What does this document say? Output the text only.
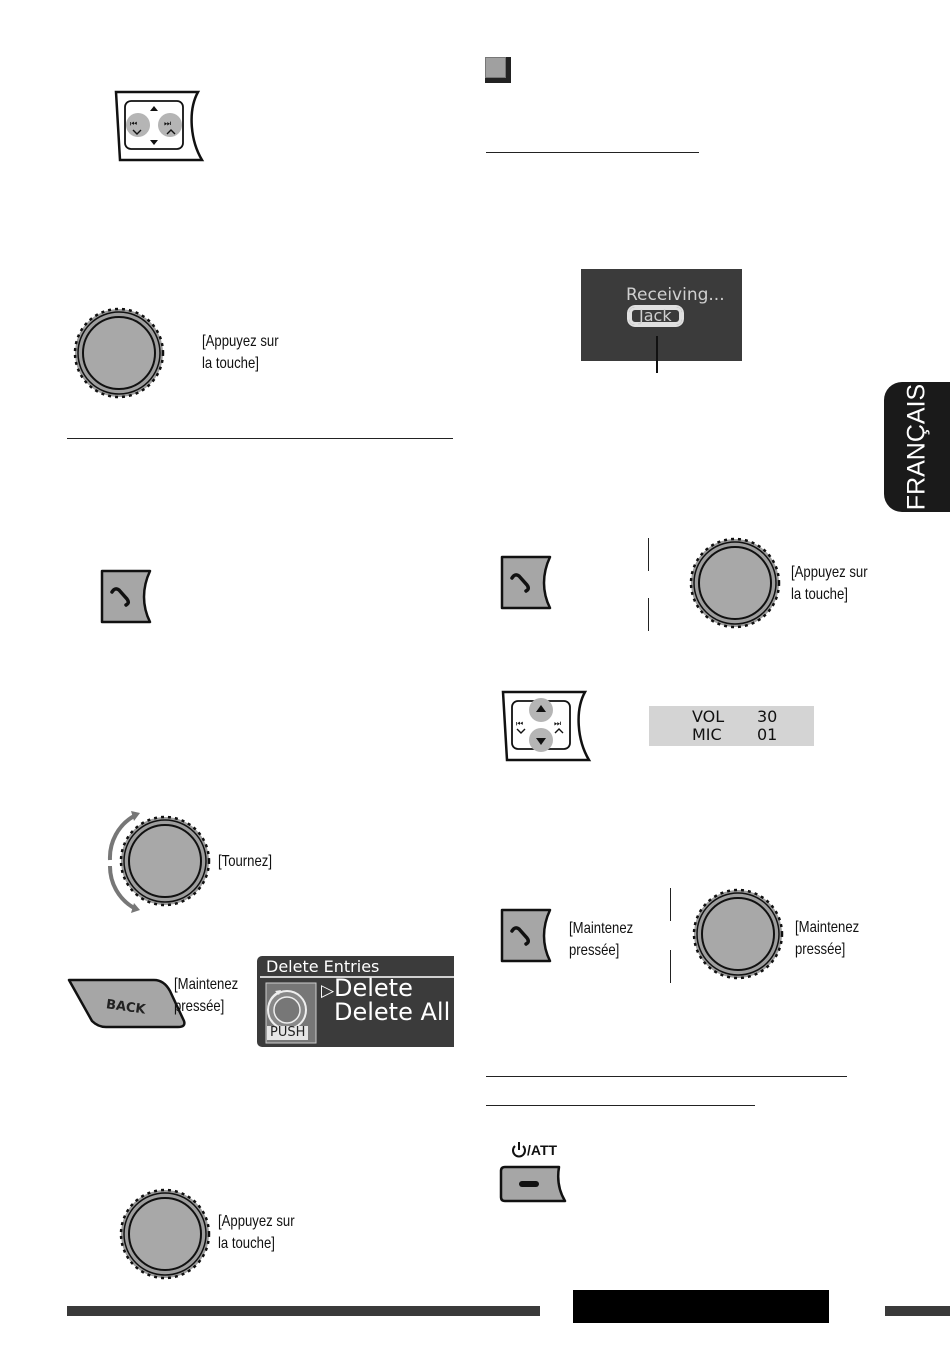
⏮	⏭
[Appuyez sur
la touche]
[Tournez]
BACK
[Maintenez
pressée]
Delete Entries
PUSH
▷ Delete
Delete All
[Appuyez sur
la touche]
Receiving...
Jack
FRANÇAIS
[Appuyez sur
la touche]
⏮	⏭	VOL 30
MIC 01
[Maintenez
pressée]
[Maintenez
pressée]
/ATT
